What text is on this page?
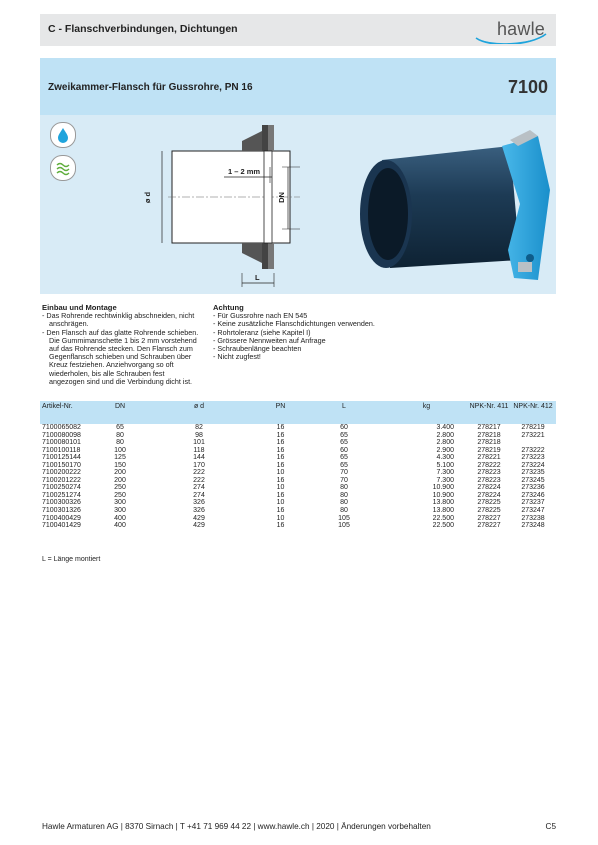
C - Flanschverbindungen, Dichtungen	hawle
Zweikammer-Flansch für Gussrohre, PN 16	7100
1 – 2 mm
ø d	DN
L
Einbau und Montage
- Das Rohrende rechtwinklig abschneiden, nicht anschrägen.
- Den Flansch auf das glatte Rohrende schieben. Die Gummimanschette 1 bis 2 mm vorstehend auf das Rohrende stecken. Den Flansch zum Gegenflansch schieben und Schrauben über Kreuz festziehen. Anziehvorgang so oft wiederholen, bis alle Schrauben fest angezogen sind und die Verbindung dicht ist.
Achtung
- Für Gussrohre nach EN 545
- Keine zusätzliche Flanschdichtungen verwenden.
- Rohrtoleranz (siehe Kapitel I)
- Grössere Nennweiten auf Anfrage
- Schraubenlänge beachten
- Nicht zugfest!
Artikel-Nr.	DN	ø d	PN	L	kg	NPK-Nr. 411	NPK-Nr. 412
7100065082	65	82	16	60	3.400	278217	278219
7100080098	80	98	16	65	2.800	278218	273221
7100080101	80	101	16	65	2.800	278218	
7100100118	100	118	16	60	2.900	278219	273222
7100125144	125	144	16	65	4.300	278221	273223
7100150170	150	170	16	65	5.100	278222	273224
7100200222	200	222	10	70	7.300	278223	273235
7100201222	200	222	16	70	7.300	278223	273245
7100250274	250	274	10	80	10.900	278224	273236
7100251274	250	274	16	80	10.900	278224	273246
7100300326	300	326	10	80	13.800	278225	273237
7100301326	300	326	16	80	13.800	278225	273247
7100400429	400	429	10	105	22.500	278227	273238
7100401429	400	429	16	105	22.500	278227	273248
L = Länge montiert
Hawle Armaturen AG | 8370 Sirnach | T +41 71 969 44 22 | www.hawle.ch | 2020 | Änderungen vorbehalten	C5
